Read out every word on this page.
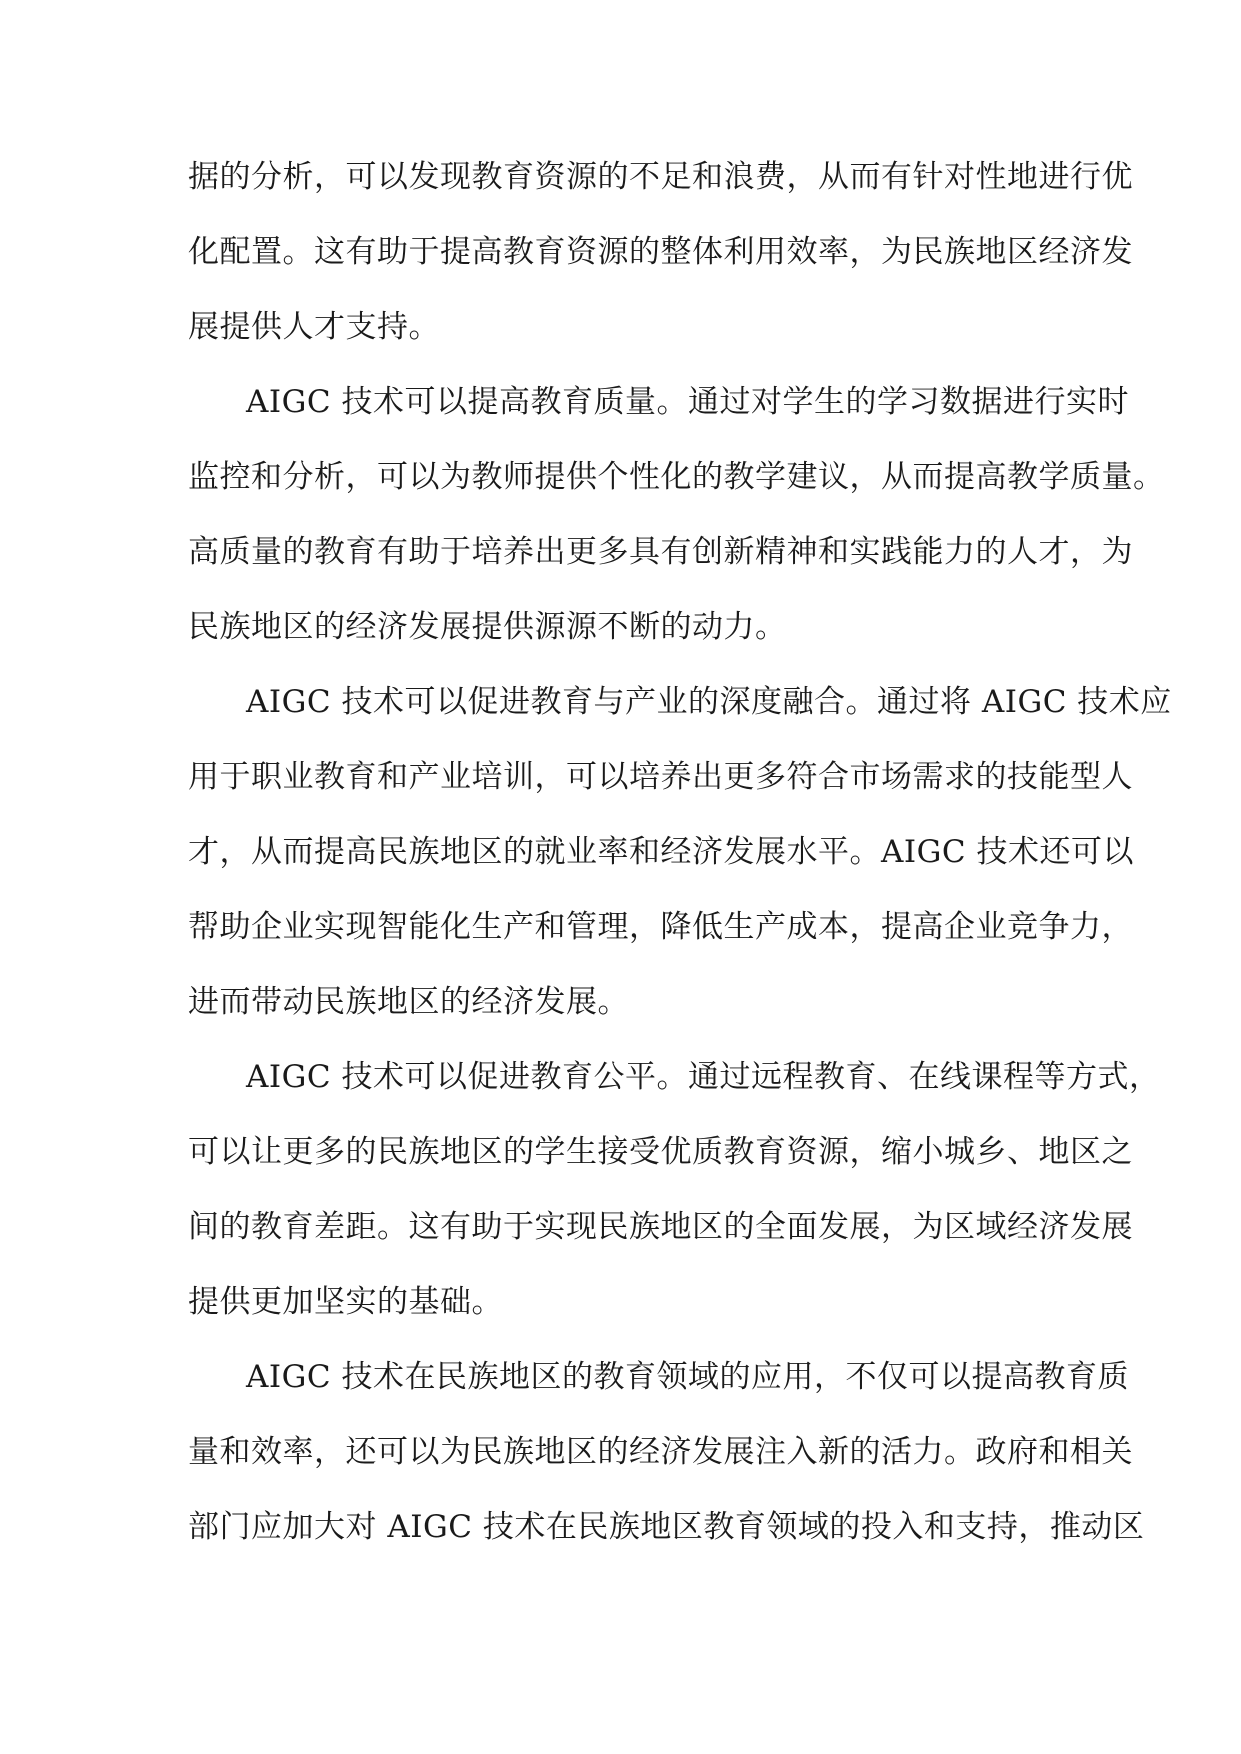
据的分析，可以发现教育资源的不足和浪费，从而有针对性地进行优
化配置。这有助于提高教育资源的整体利用效率，为民族地区经济发
展提供人才支持。
AIGC 技术可以提高教育质量。通过对学生的学习数据进行实时
监控和分析，可以为教师提供个性化的教学建议，从而提高教学质量。
高质量的教育有助于培养出更多具有创新精神和实践能力的人才，为
民族地区的经济发展提供源源不断的动力。
AIGC 技术可以促进教育与产业的深度融合。通过将 AIGC 技术应
用于职业教育和产业培训，可以培养出更多符合市场需求的技能型人
才，从而提高民族地区的就业率和经济发展水平。AIGC 技术还可以
帮助企业实现智能化生产和管理，降低生产成本，提高企业竞争力，
进而带动民族地区的经济发展。
AIGC 技术可以促进教育公平。通过远程教育、在线课程等方式，
可以让更多的民族地区的学生接受优质教育资源，缩小城乡、地区之
间的教育差距。这有助于实现民族地区的全面发展，为区域经济发展
提供更加坚实的基础。
AIGC 技术在民族地区的教育领域的应用，不仅可以提高教育质
量和效率，还可以为民族地区的经济发展注入新的活力。政府和相关
部门应加大对 AIGC 技术在民族地区教育领域的投入和支持，推动区
